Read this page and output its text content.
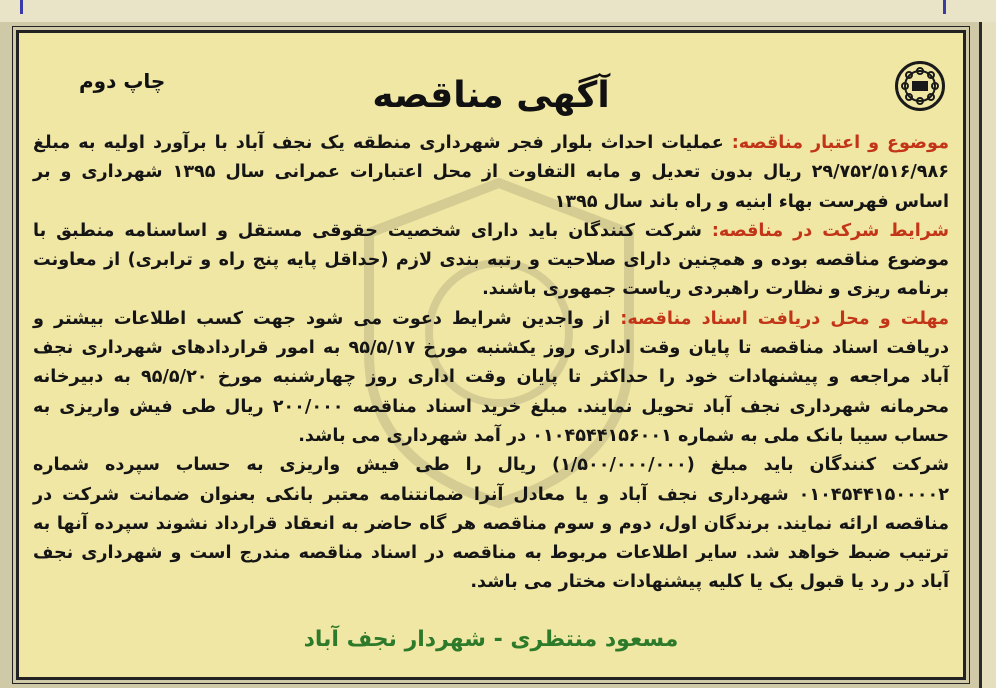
آگهی مناقصه
چاپ دوم

موضوع و اعتبار مناقصه: عملیات احداث بلوار فجر شهرداری منطقه یک نجف آباد با برآورد اولیه به مبلغ ۲۹/۷۵۲/۵۱۶/۹۸۶ ریال بدون تعدیل و مابه التفاوت از محل اعتبارات عمرانی سال ۱۳۹۵ شهرداری و بر اساس فهرست بهاء ابنیه و راه باند سال ۱۳۹۵

شرایط شرکت در مناقصه: شرکت کنندگان باید دارای شخصیت حقوقی مستقل و اساسنامه منطبق با موضوع مناقصه بوده و همچنین دارای صلاحیت و رتبه بندی لازم (حداقل پایه پنج راه و ترابری) از معاونت برنامه ریزی و نظارت راهبردی ریاست جمهوری باشند.

مهلت و محل دریافت اسناد مناقصه: از واجدین شرایط دعوت می شود جهت کسب اطلاعات بیشتر و دریافت اسناد مناقصه تا پایان وقت اداری روز یکشنبه مورخ ۹۵/۵/۱۷ به امور قراردادهای شهرداری نجف آباد مراجعه و پیشنهادات خود را حداکثر تا پایان وقت اداری روز چهارشنبه مورخ ۹۵/۵/۲۰ به دبیرخانه محرمانه شهرداری نجف آباد تحویل نمایند. مبلغ خرید اسناد مناقصه ۲۰۰/۰۰۰ ریال طی فیش واریزی به حساب سیبا بانک ملی به شماره ۰۱۰۴۵۴۴۱۵۶۰۰۱ در آمد شهرداری می باشد.

شرکت کنندگان باید مبلغ (۱/۵۰۰/۰۰۰/۰۰۰) ریال را طی فیش واریزی به حساب سپرده شماره ۰۱۰۴۵۴۴۱۵۰۰۰۰۲ شهرداری نجف آباد و یا معادل آنرا ضمانتنامه معتبر بانکی بعنوان ضمانت شرکت در مناقصه ارائه نمایند. برندگان اول، دوم و سوم مناقصه هر گاه حاضر به انعقاد قرارداد نشوند سپرده آنها به ترتیب ضبط خواهد شد. سایر اطلاعات مربوط به مناقصه در اسناد مناقصه مندرج است و شهرداری نجف آباد در رد یا قبول یک یا کلیه پیشنهادات مختار می باشد.

مسعود منتظری - شهردار نجف آباد
